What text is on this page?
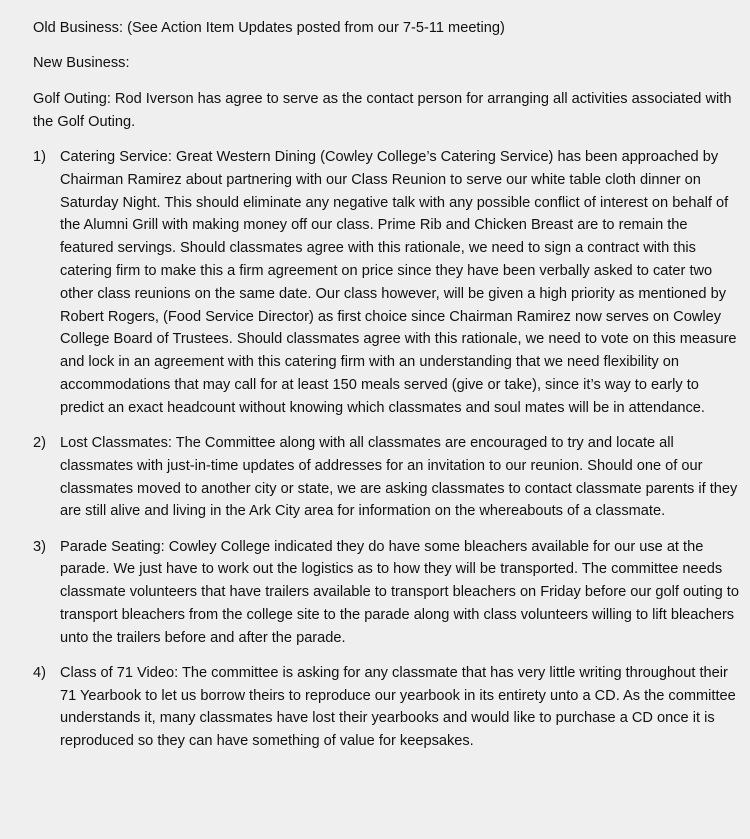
Old Business: (See Action Item Updates posted from our 7-5-11 meeting)

New Business:

Golf Outing: Rod Iverson has agree to serve as the contact person for arranging all activities associated with the Golf Outing.

1) Catering Service: Great Western Dining (Cowley College’s Catering Service) has been approached by Chairman Ramirez about partnering with our Class Reunion to serve our white table cloth dinner on Saturday Night. This should eliminate any negative talk with any possible conflict of interest on behalf of the Alumni Grill with making money off our class. Prime Rib and Chicken Breast are to remain the featured servings. Should classmates agree with this rationale, we need to sign a contract with this catering firm to make this a firm agreement on price since they have been verbally asked to cater two other class reunions on the same date. Our class however, will be given a high priority as mentioned by Robert Rogers, (Food Service Director) as first choice since Chairman Ramirez now serves on Cowley College Board of Trustees. Should classmates agree with this rationale, we need to vote on this measure and lock in an agreement with this catering firm with an understanding that we need flexibility on accommodations that may call for at least 150 meals served (give or take), since it’s way to early to predict an exact headcount without knowing which classmates and soul mates will be in attendance.

2) Lost Classmates: The Committee along with all classmates are encouraged to try and locate all classmates with just-in-time updates of addresses for an invitation to our reunion. Should one of our classmates moved to another city or state, we are asking classmates to contact classmate parents if they are still alive and living in the Ark City area for information on the whereabouts of a classmate.

3) Parade Seating: Cowley College indicated they do have some bleachers available for our use at the parade. We just have to work out the logistics as to how they will be transported. The committee needs classmate volunteers that have trailers available to transport bleachers on Friday before our golf outing to transport bleachers from the college site to the parade along with class volunteers willing to lift bleachers unto the trailers before and after the parade.

4) Class of 71 Video: The committee is asking for any classmate that has very little writing throughout their 71 Yearbook to let us borrow theirs to reproduce our yearbook in its entirety unto a CD. As the committee understands it, many classmates have lost their yearbooks and would like to purchase a CD once it is reproduced so they can have something of value for keepsakes.
